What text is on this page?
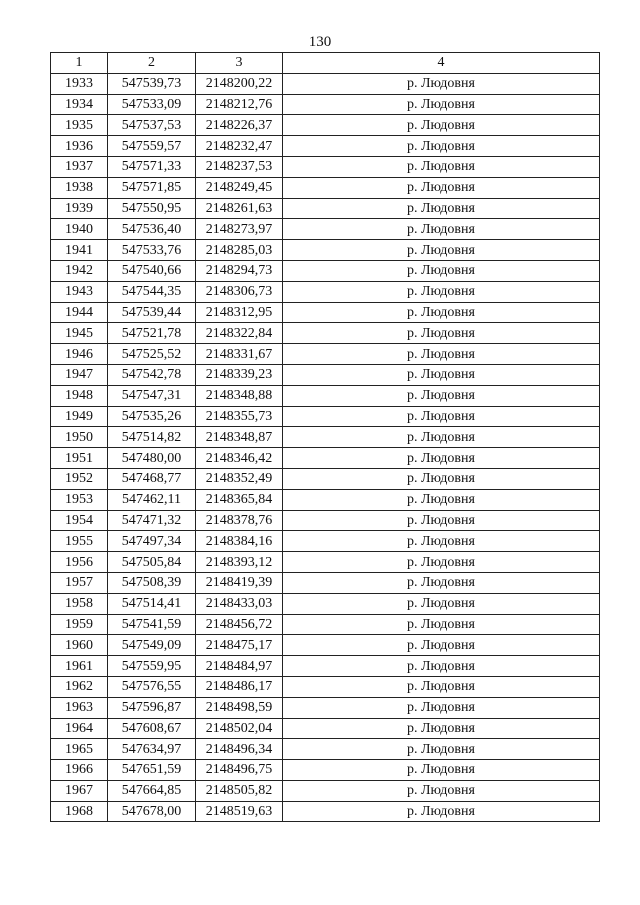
130
1	2	3	4
1933	547539,73	2148200,22	р. Людовня
1934	547533,09	2148212,76	р. Людовня
1935	547537,53	2148226,37	р. Людовня
1936	547559,57	2148232,47	р. Людовня
1937	547571,33	2148237,53	р. Людовня
1938	547571,85	2148249,45	р. Людовня
1939	547550,95	2148261,63	р. Людовня
1940	547536,40	2148273,97	р. Людовня
1941	547533,76	2148285,03	р. Людовня
1942	547540,66	2148294,73	р. Людовня
1943	547544,35	2148306,73	р. Людовня
1944	547539,44	2148312,95	р. Людовня
1945	547521,78	2148322,84	р. Людовня
1946	547525,52	2148331,67	р. Людовня
1947	547542,78	2148339,23	р. Людовня
1948	547547,31	2148348,88	р. Людовня
1949	547535,26	2148355,73	р. Людовня
1950	547514,82	2148348,87	р. Людовня
1951	547480,00	2148346,42	р. Людовня
1952	547468,77	2148352,49	р. Людовня
1953	547462,11	2148365,84	р. Людовня
1954	547471,32	2148378,76	р. Людовня
1955	547497,34	2148384,16	р. Людовня
1956	547505,84	2148393,12	р. Людовня
1957	547508,39	2148419,39	р. Людовня
1958	547514,41	2148433,03	р. Людовня
1959	547541,59	2148456,72	р. Людовня
1960	547549,09	2148475,17	р. Людовня
1961	547559,95	2148484,97	р. Людовня
1962	547576,55	2148486,17	р. Людовня
1963	547596,87	2148498,59	р. Людовня
1964	547608,67	2148502,04	р. Людовня
1965	547634,97	2148496,34	р. Людовня
1966	547651,59	2148496,75	р. Людовня
1967	547664,85	2148505,82	р. Людовня
1968	547678,00	2148519,63	р. Людовня
